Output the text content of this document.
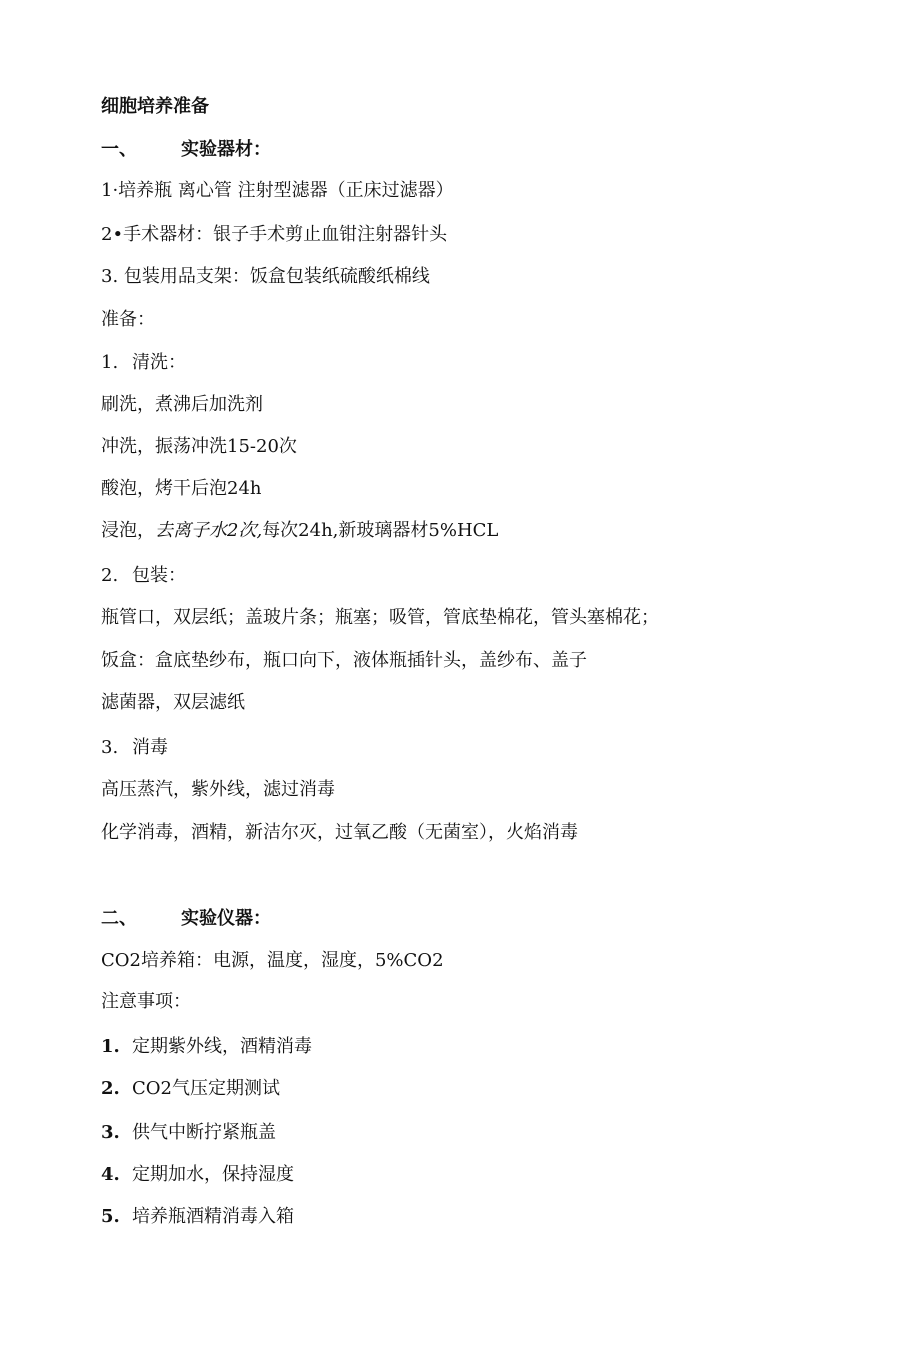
细胞培养准备
一、 实验器材：
1·培养瓶 离心管 注射型滤器（正床过滤器）
2•手术器材：银子手术剪止血钳注射器针头
3. 包装用品支架：饭盒包装纸硫酸纸棉线
准备：
1. 清洗：
刷洗，煮沸后加洗剂
冲洗，振荡冲洗15-20次
酸泡，烤干后泡24h
浸泡，去离子水2次,每次24h,新玻璃器材5%HCL
2. 包装：
瓶管口，双层纸；盖玻片条；瓶塞；吸管，管底垫棉花，管头塞棉花；
饭盒：盒底垫纱布，瓶口向下，液体瓶插针头，盖纱布、盖子
滤菌器，双层滤纸
3. 消毒
高压蒸汽，紫外线，滤过消毒
化学消毒，酒精，新洁尔灭，过氧乙酸（无菌室），火焰消毒
二、 实验仪器：
CO2培养箱：电源，温度，湿度，5%CO2
注意事项：
1. 定期紫外线，酒精消毒
2. CO2气压定期测试
3. 供气中断拧紧瓶盖
4. 定期加水，保持湿度
5. 培养瓶酒精消毒入箱
